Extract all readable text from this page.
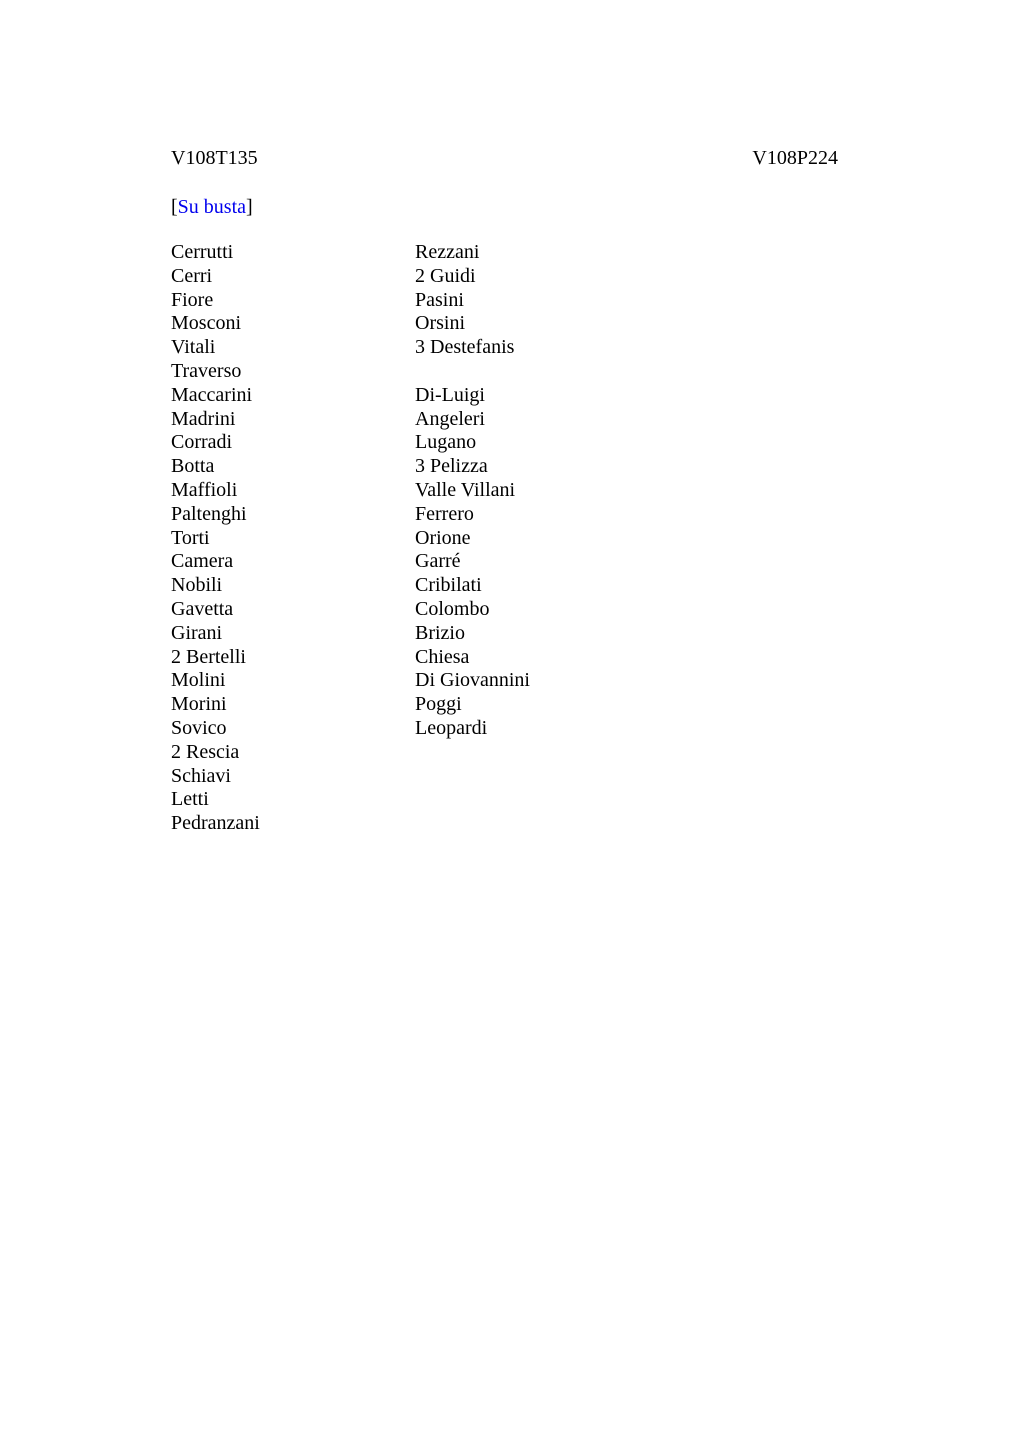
V108T135	V108P224
[Su busta]
Cerrutti
Cerri
Fiore
Mosconi
Vitali
Traverso
Maccarini
Madrini
Corradi
Botta
Maffioli
Paltenghi
Torti
Camera
Nobili
Gavetta
Girani
2 Bertelli
Molini
Morini
Sovico
2 Rescia
Schiavi
Letti
Pedranzani
Rezzani
2 Guidi
Pasini
Orsini
3 Destefanis
Di-Luigi
Angeleri
Lugano
3 Pelizza
Valle Villani
Ferrero
Orione
Garré
Cribilati
Colombo
Brizio
Chiesa
Di Giovannini
Poggi
Leopardi
